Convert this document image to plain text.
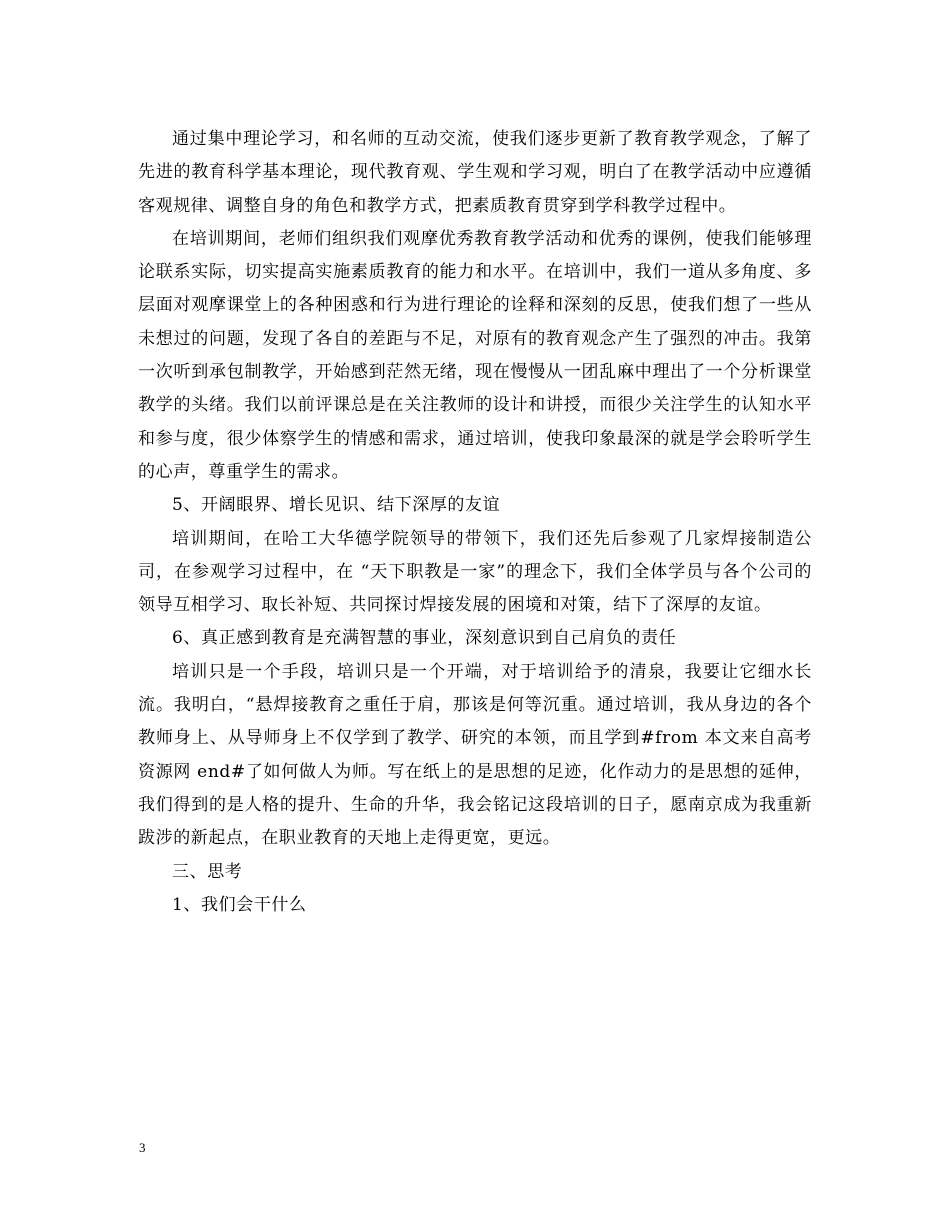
通过集中理论学习，和名师的互动交流，使我们逐步更新了教育教学观念，了解了先进的教育科学基本理论，现代教育观、学生观和学习观，明白了在教学活动中应遵循客观规律、调整自身的角色和教学方式，把素质教育贯穿到学科教学过程中。

在培训期间，老师们组织我们观摩优秀教育教学活动和优秀的课例，使我们能够理论联系实际，切实提高实施素质教育的能力和水平。在培训中，我们一道从多角度、多层面对观摩课堂上的各种困惑和行为进行理论的诠释和深刻的反思，使我们想了一些从未想过的问题，发现了各自的差距与不足，对原有的教育观念产生了强烈的冲击。我第一次听到承包制教学，开始感到茫然无绪，现在慢慢从一团乱麻中理出了一个分析课堂教学的头绪。我们以前评课总是在关注教师的设计和讲授，而很少关注学生的认知水平和参与度，很少体察学生的情感和需求，通过培训，使我印象最深的就是学会聆听学生的心声，尊重学生的需求。

5、开阔眼界、增长见识、结下深厚的友谊

培训期间，在哈工大华德学院领导的带领下，我们还先后参观了几家焊接制造公司，在参观学习过程中，在 “天下职教是一家”的理念下，我们全体学员与各个公司的领导互相学习、取长补短、共同探讨焊接发展的困境和对策，结下了深厚的友谊。

6、真正感到教育是充满智慧的事业，深刻意识到自己肩负的责任

培训只是一个手段，培训只是一个开端，对于培训给予的清泉，我要让它细水长流。我明白，“悬焊接教育之重任于肩，那该是何等沉重。通过培训，我从身边的各个教师身上、从导师身上不仅学到了教学、研究的本领，而且学到#from 本文来自高考资源网 end#了如何做人为师。写在纸上的是思想的足迹，化作动力的是思想的延伸，我们得到的是人格的提升、生命的升华，我会铭记这段培训的日子，愿南京成为我重新跋涉的新起点，在职业教育的天地上走得更宽，更远。

三、思考

1、我们会干什么

3
